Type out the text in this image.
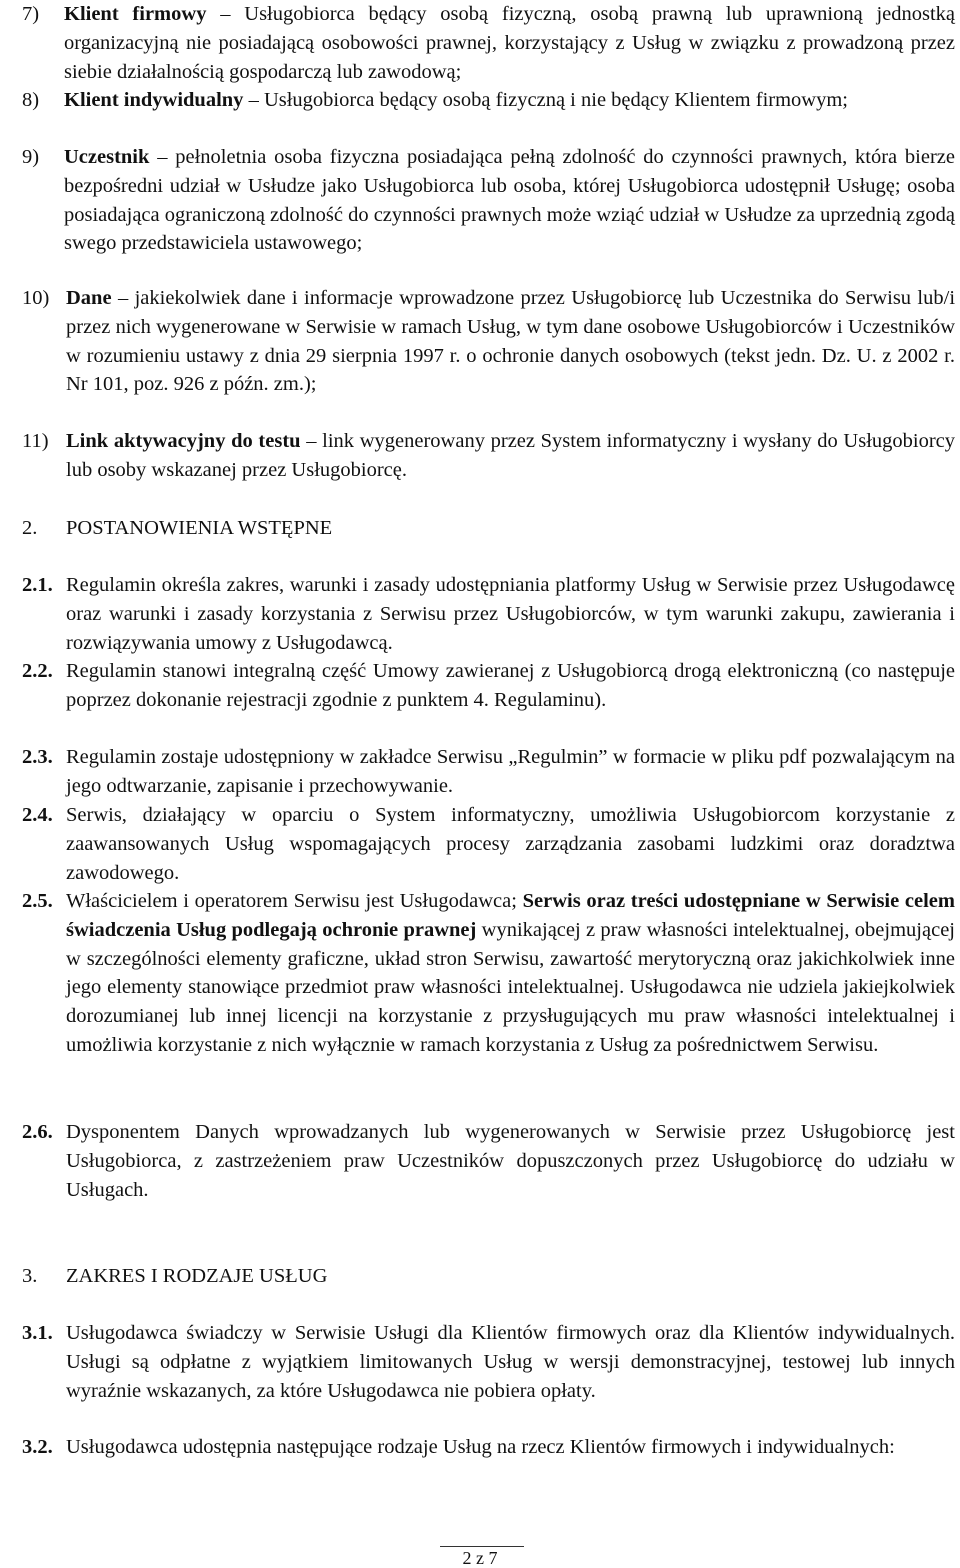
7) Klient firmowy – Usługobiorca będący osobą fizyczną, osobą prawną lub uprawnioną jednostką organizacyjną nie posiadającą osobowości prawnej, korzystający z Usług w związku z prowadzoną przez siebie działalnością gospodarczą lub zawodową;
8) Klient indywidualny – Usługobiorca będący osobą fizyczną i nie będący Klientem firmowym;
9) Uczestnik – pełnoletnia osoba fizyczna posiadająca pełną zdolność do czynności prawnych, która bierze bezpośredni udział w Usłudze jako Usługobiorca lub osoba, której Usługobiorca udostępnił Usługę; osoba posiadająca ograniczoną zdolność do czynności prawnych może wziąć udział w Usłudze za uprzednią zgodą swego przedstawiciela ustawowego;
10) Dane – jakiekolwiek dane i informacje wprowadzone przez Usługobiorcę lub Uczestnika do Serwisu lub/i przez nich wygenerowane w Serwisie w ramach Usług, w tym dane osobowe Usługobiorców i Uczestników w rozumieniu ustawy z dnia 29 sierpnia 1997 r. o ochronie danych osobowych (tekst jedn. Dz. U. z 2002 r. Nr 101, poz. 926 z późn. zm.);
11) Link aktywacyjny do testu – link wygenerowany przez System informatyczny i wysłany do Usługobiorcy lub osoby wskazanej przez Usługobiorcę.
2. POSTANOWIENIA WSTĘPNE
2.1. Regulamin określa zakres, warunki i zasady udostępniania platformy Usług w Serwisie przez Usługodawcę oraz warunki i zasady korzystania z Serwisu przez Usługobiorców, w tym warunki zakupu, zawierania i rozwiązywania umowy z Usługodawcą.
2.2. Regulamin stanowi integralną część Umowy zawieranej z Usługobiorcą drogą elektroniczną (co następuje poprzez dokonanie rejestracji zgodnie z punktem 4. Regulaminu).
2.3. Regulamin zostaje udostępniony w zakładce Serwisu „Regulmin” w formacie w pliku pdf pozwalającym na jego odtwarzanie, zapisanie i przechowywanie.
2.4. Serwis, działający w oparciu o System informatyczny, umożliwia Usługobiorcom korzystanie z zaawansowanych Usług wspomagających procesy zarządzania zasobami ludzkimi oraz doradztwa zawodowego.
2.5. Właścicielem i operatorem Serwisu jest Usługodawca; Serwis oraz treści udostępniane w Serwisie celem świadczenia Usług podlegają ochronie prawnej wynikającej z praw własności intelektualnej, obejmującej w szczególności elementy graficzne, układ stron Serwisu, zawartość merytoryczną oraz jakichkolwiek inne jego elementy stanowiące przedmiot praw własności intelektualnej. Usługodawca nie udziela jakiejkolwiek dorozumianej lub innej licencji na korzystanie z przysługujących mu praw własności intelektualnej i umożliwia korzystanie z nich wyłącznie w ramach korzystania z Usług za pośrednictwem Serwisu.
2.6. Dysponentem Danych wprowadzanych lub wygenerowanych w Serwisie przez Usługobiorcę jest Usługobiorca, z zastrzeżeniem praw Uczestników dopuszczonych przez Usługobiorcę do udziału w Usługach.
3. ZAKRES I RODZAJE USŁUG
3.1. Usługodawca świadczy w Serwisie Usługi dla Klientów firmowych oraz dla Klientów indywidualnych. Usługi są odpłatne z wyjątkiem limitowanych Usług w wersji demonstracyjnej, testowej lub innych wyraźnie wskazanych, za które Usługodawca nie pobiera opłaty.
3.2. Usługodawca udostępnia następujące rodzaje Usług na rzecz Klientów firmowych i indywidualnych:
2 z 7
